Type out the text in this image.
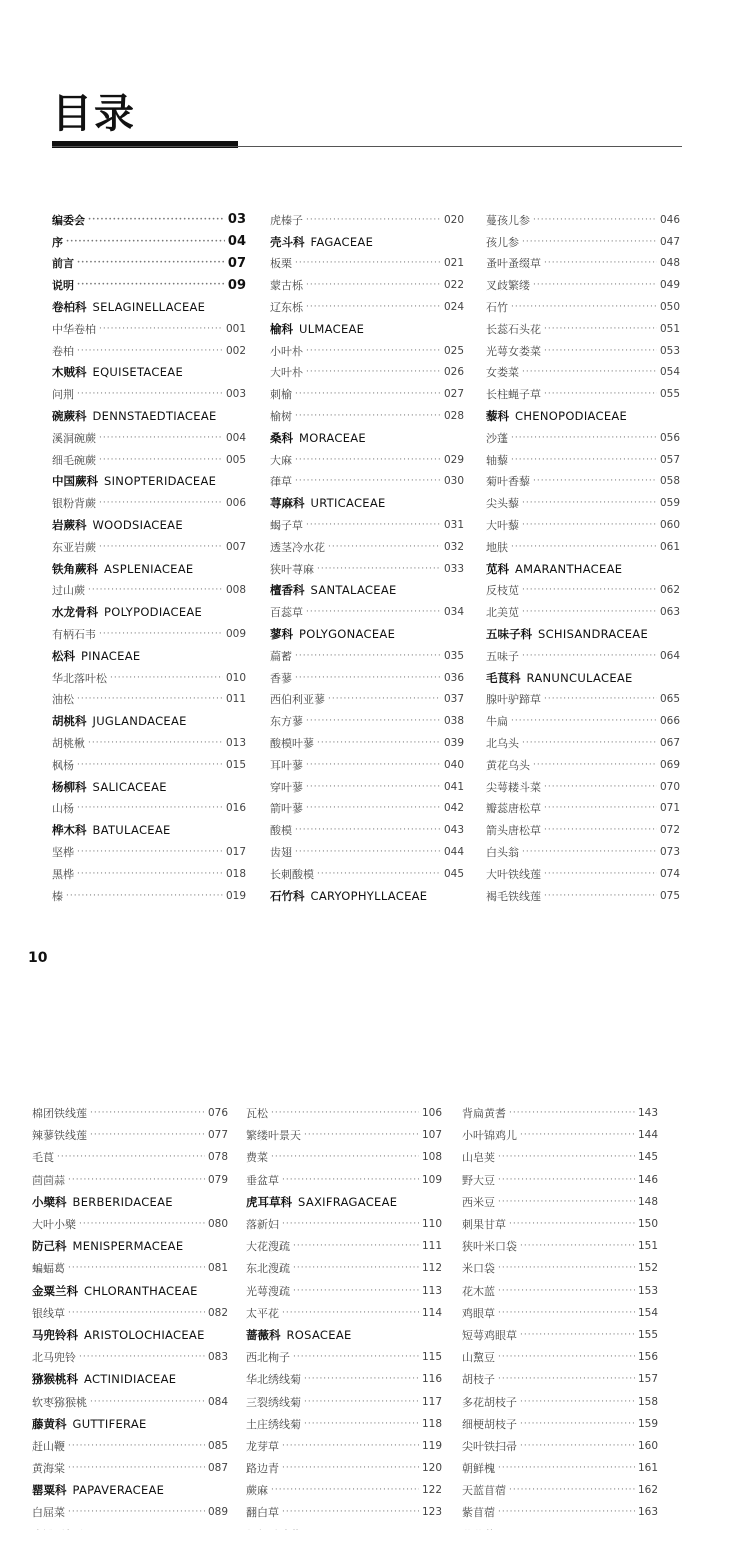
目录
编委会 ·····	03
序 ·····	04
前言 ·····	07
说明 ·····	09
卷柏科 SELAGINELLACEAE
中华卷柏 ·····	001
卷柏 ·····	002
木贼科 EQUISETACEAE
问荆 ·····	003
碗蕨科 DENNSTAEDTIACEAE
溪洞碗蕨 ·····	004
细毛碗蕨 ·····	005
中国蕨科 SINOPTERIDACEAE
银粉背蕨 ·····	006
岩蕨科 WOODSIACEAE
东亚岩蕨 ·····	007
铁角蕨科 ASPLENIACEAE
过山蕨 ·····	008
水龙骨科 POLYPODIACEAE
有柄石韦 ·····	009
松科 PINACEAE
华北落叶松 ·····	010
油松 ·····	011
胡桃科 JUGLANDACEAE
胡桃楸 ·····	013
枫杨 ·····	015
杨柳科 SALICACEAE
山杨 ·····	016
桦木科 BATULACEAE
坚桦 ·····	017
黑桦 ·····	018
榛 ·····	019
虎榛子 ·····	020
壳斗科 FAGACEAE
板栗 ·····	021
蒙古栎 ·····	022
辽东栎 ·····	024
榆科 ULMACEAE
小叶朴 ·····	025
大叶朴 ·····	026
刺榆 ·····	027
榆树 ·····	028
桑科 MORACEAE
大麻 ·····	029
葎草 ·····	030
荨麻科 URTICACEAE
蝎子草 ·····	031
透茎冷水花 ·····	032
狭叶荨麻 ·····	033
檀香科 SANTALACEAE
百蕊草 ·····	034
蓼科 POLYGONACEAE
萹蓄 ·····	035
香蓼 ·····	036
西伯利亚蓼 ·····	037
东方蓼 ·····	038
酸模叶蓼 ·····	039
耳叶蓼 ·····	040
穿叶蓼 ·····	041
箭叶蓼 ·····	042
酸模 ·····	043
齿翅 ·····	044
长刺酸模 ·····	045
石竹科 CARYOPHYLLACEAE
蔓孩儿参 ·····	046
孩儿参 ·····	047
蚤叶蚤缀草 ·····	048
叉歧繁缕 ·····	049
石竹 ·····	050
长蕊石头花 ·····	051
光萼女娄菜 ·····	053
女娄菜 ·····	054
长柱蝇子草 ·····	055
藜科 CHENOPODIACEAE
沙蓬 ·····	056
轴藜 ·····	057
菊叶香藜 ·····	058
尖头藜 ·····	059
大叶藜 ·····	060
地肤 ·····	061
苋科 AMARANTHACEAE
反枝苋 ·····	062
北美苋 ·····	063
五味子科 SCHISANDRACEAE
五味子 ·····	064
毛茛科 RANUNCULACEAE
腺叶驴蹄草 ·····	065
牛扁 ·····	066
北乌头 ·····	067
黄花乌头 ·····	069
尖萼耧斗菜 ·····	070
瓣蕊唐松草 ·····	071
箭头唐松草 ·····	072
白头翁 ·····	073
大叶铁线莲 ·····	074
褐毛铁线莲 ·····	075
10
棉团铁线莲 ·····	076
辣蓼铁线莲 ·····	077
毛茛 ·····	078
茴茴蒜 ·····	079
小檗科 BERBERIDACEAE
大叶小檗 ·····	080
防己科 MENISPERMACEAE
蝙蝠葛 ·····	081
金粟兰科 CHLORANTHACEAE
银线草 ·····	082
马兜铃科 ARISTOLOCHIACEAE
北马兜铃 ·····	083
猕猴桃科 ACTINIDIACEAE
软枣猕猴桃 ·····	084
藤黄科 GUTTIFERAE
赶山鞭 ·····	085
黄海棠 ·····	087
罂粟科 PAPAVERACEAE
白屈菜 ·····	089
·····
瓦松 ·····	106
繁缕叶景天 ·····	107
费菜 ·····	108
垂盆草 ·····	109
虎耳草科 SAXIFRAGACEAE
落新妇 ·····	110
大花溲疏 ·····	111
东北溲疏 ·····	112
光萼溲疏 ·····	113
太平花 ·····	114
蔷薇科 ROSACEAE
西北栒子 ·····	115
华北绣线菊 ·····	116
三裂绣线菊 ·····	117
土庄绣线菊 ·····	118
龙芽草 ·····	119
路边青 ·····	120
蕨麻 ·····	122
翻白草 ·····	123
·····
背扁黄耆 ·····	143
小叶锦鸡儿 ·····	144
山皂荚 ·····	145
野大豆 ·····	146
西米豆 ·····	148
刺果甘草 ·····	150
狭叶米口袋 ·····	151
米口袋 ·····	152
花木蓝 ·····	153
鸡眼草 ·····	154
短萼鸡眼草 ·····	155
山黧豆 ·····	156
胡枝子 ·····	157
多花胡枝子 ·····	158
细梗胡枝子 ·····	159
尖叶铁扫帚 ·····	160
朝鲜槐 ·····	161
天蓝苜蓿 ·····	162
紫苜蓿 ·····	163
·····
